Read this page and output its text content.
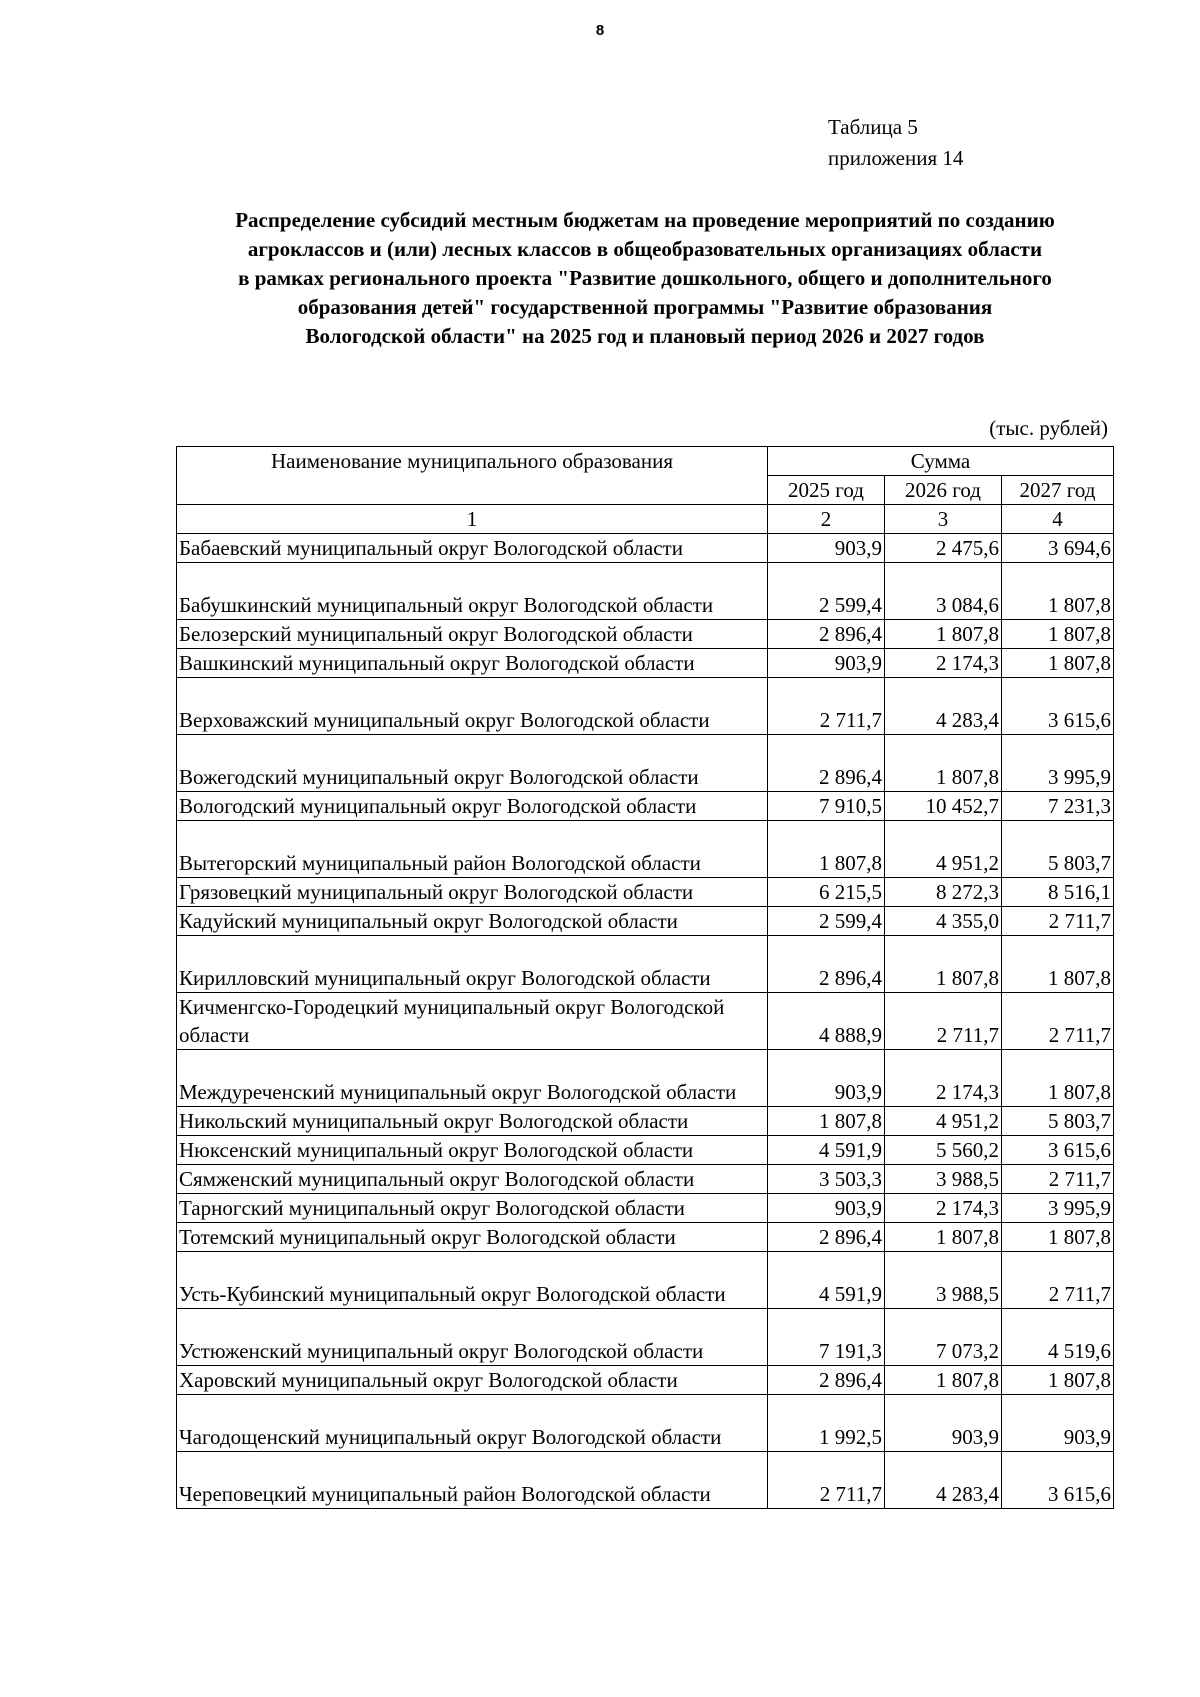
8
Таблица 5
приложения 14
Распределение субсидий местным бюджетам на проведение мероприятий по созданию
агроклассов и (или) лесных классов в общеобразовательных организациях области
в рамках регионального проекта "Развитие дошкольного, общего и дополнительного
образования детей" государственной программы "Развитие образования
Вологодской области" на 2025 год и плановый период 2026 и 2027 годов
(тыс. рублей)
Наименование муниципального образования	Сумма		
	2025 год	2026 год	2027 год
1	2	3	4
Бабаевский муниципальный округ Вологодской области	903,9	2 475,6	3 694,6
Бабушкинский муниципальный округ Вологодской области	2 599,4	3 084,6	1 807,8
Белозерский муниципальный округ Вологодской области	2 896,4	1 807,8	1 807,8
Вашкинский муниципальный округ Вологодской области	903,9	2 174,3	1 807,8
Верховажский муниципальный округ Вологодской области	2 711,7	4 283,4	3 615,6
Вожегодский муниципальный округ Вологодской области	2 896,4	1 807,8	3 995,9
Вологодский муниципальный округ Вологодской области	7 910,5	10 452,7	7 231,3
Вытегорский муниципальный район Вологодской области	1 807,8	4 951,2	5 803,7
Грязовецкий муниципальный округ Вологодской области	6 215,5	8 272,3	8 516,1
Кадуйский муниципальный округ Вологодской области	2 599,4	4 355,0	2 711,7
Кирилловский муниципальный округ Вологодской области	2 896,4	1 807,8	1 807,8
Кичменгско-Городецкий муниципальный округ Вологодской области	4 888,9	2 711,7	2 711,7
Междуреченский муниципальный округ Вологодской области	903,9	2 174,3	1 807,8
Никольский муниципальный округ Вологодской области	1 807,8	4 951,2	5 803,7
Нюксенский муниципальный округ Вологодской области	4 591,9	5 560,2	3 615,6
Сямженский муниципальный округ Вологодской области	3 503,3	3 988,5	2 711,7
Тарногский муниципальный округ Вологодской области	903,9	2 174,3	3 995,9
Тотемский муниципальный округ Вологодской области	2 896,4	1 807,8	1 807,8
Усть-Кубинский муниципальный округ Вологодской области	4 591,9	3 988,5	2 711,7
Устюженский муниципальный округ Вологодской области	7 191,3	7 073,2	4 519,6
Харовский муниципальный округ Вологодской области	2 896,4	1 807,8	1 807,8
Чагодощенский муниципальный округ Вологодской области	1 992,5	903,9	903,9
Череповецкий муниципальный район Вологодской области	2 711,7	4 283,4	3 615,6
